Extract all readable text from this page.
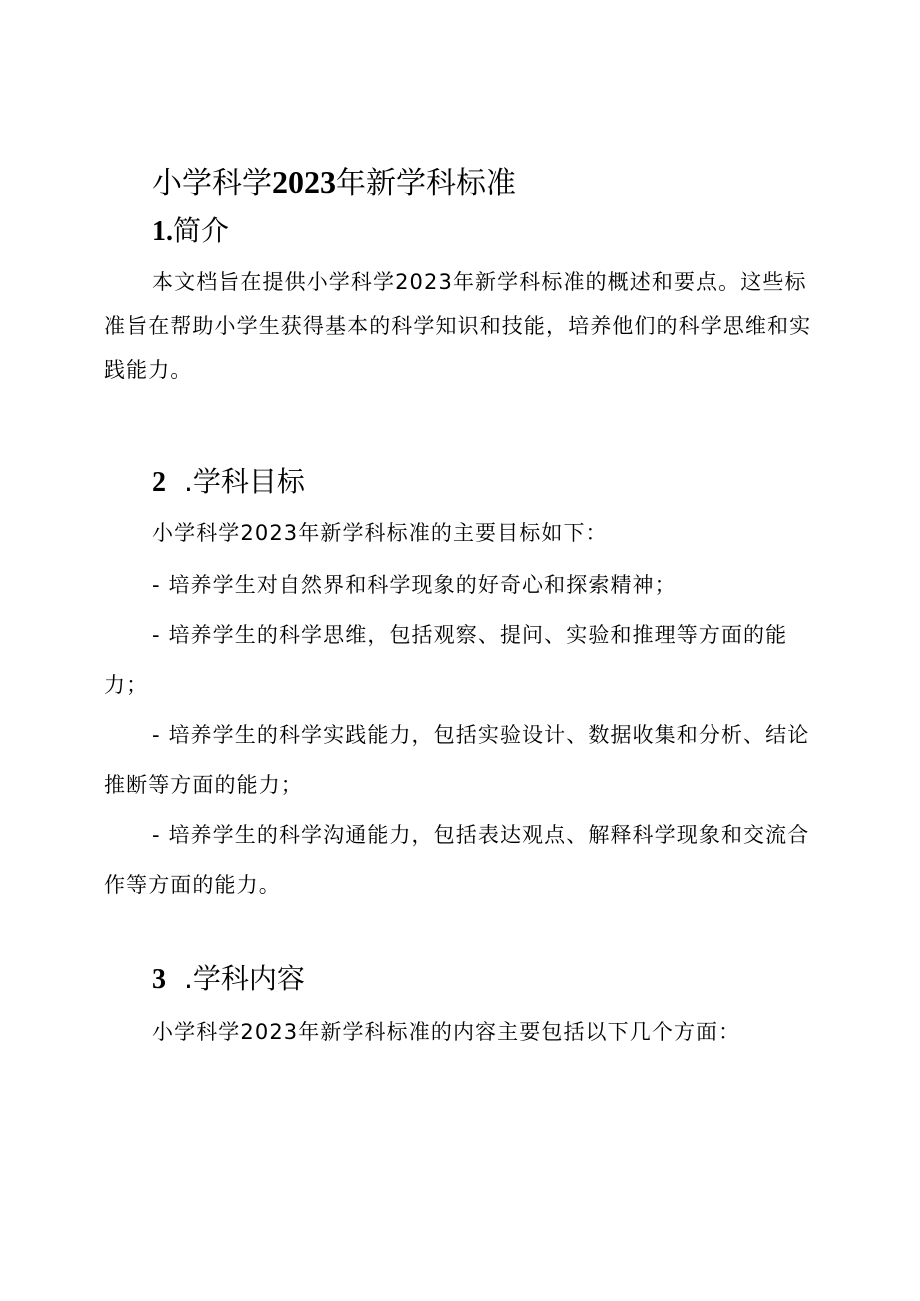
小学科学2023年新学科标准
1.简介

本文档旨在提供小学科学2023年新学科标准的概述和要点。这些标准旨在帮助小学生获得基本的科学知识和技能，培养他们的科学思维和实践能力。

2 .学科目标

小学科学2023年新学科标准的主要目标如下：

- 培养学生对自然界和科学现象的好奇心和探索精神；
- 培养学生的科学思维，包括观察、提问、实验和推理等方面的能力；
- 培养学生的科学实践能力，包括实验设计、数据收集和分析、结论推断等方面的能力；
- 培养学生的科学沟通能力，包括表达观点、解释科学现象和交流合作等方面的能力。
3 .学科内容

小学科学2023年新学科标准的内容主要包括以下几个方面：
